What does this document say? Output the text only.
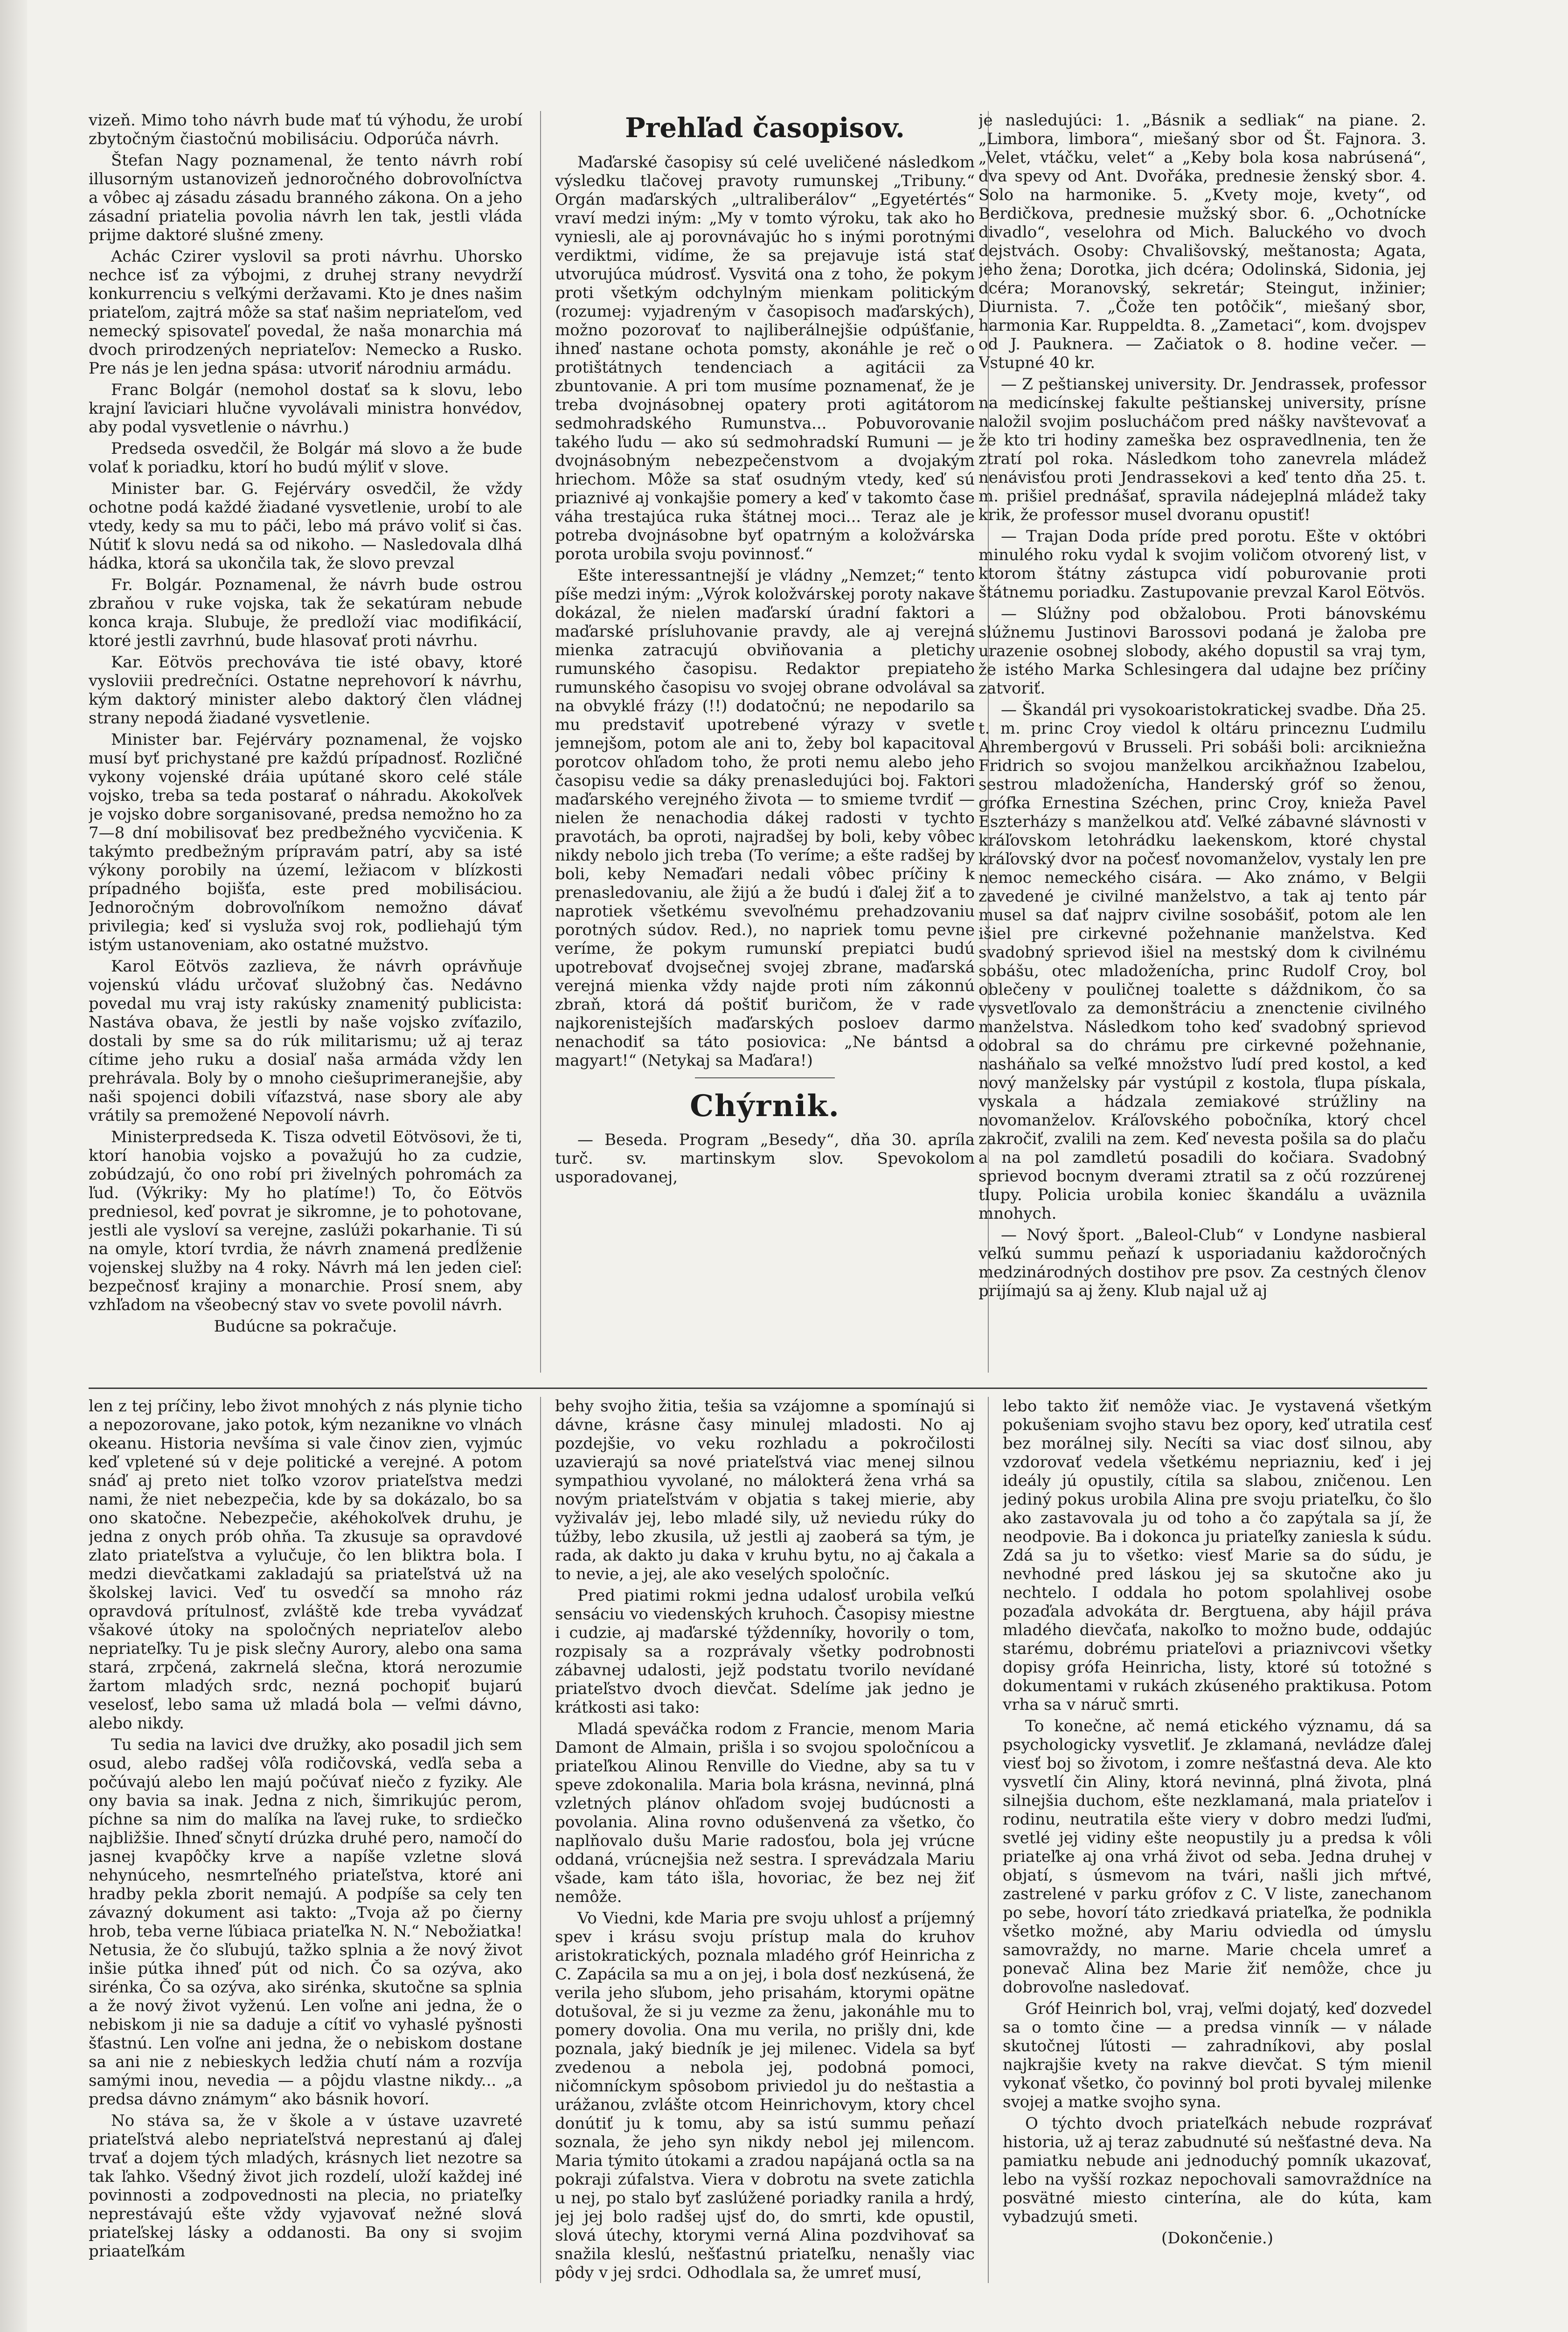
vizeň. Mimo toho návrh bude mať tú výhodu, že urobí zbytočným čiastočnú mobilisáciu. Odporúča návrh.

Štefan Nagy poznamenal, že tento návrh robí illusorným ustanovizeň jednoročného dobrovoľníctva a vôbec aj zásadu zásadu branného zákona. On a jeho zásadní priatelia povolia návrh len tak, jestli vláda prijme daktoré slušné zmeny.

Achác Czirer vyslovil sa proti návrhu. Uhorsko nechce isť za výbojmi, z druhej strany nevydrží konkurrenciu s veľkými deržavami. Kto je dnes našim priateľom, zajtrá môže sa stať našim nepriateľom, ved nemecký spisovateľ povedal, že naša monarchia má dvoch prirodzených nepriateľov: Nemecko a Rusko. Pre nás je len jedna spása: utvoriť národniu armádu.

Franc Bolgár (nemohol dostať sa k slovu, lebo krajní ľaviciari hlučne vyvolávali ministra honvédov, aby podal vysvetlenie o návrhu.)

Predseda osvedčil, že Bolgár má slovo a že bude volať k poriadku, ktorí ho budú mýliť v slove.

Minister bar. G. Fejérváry osvedčil, že vždy ochotne podá každé žiadané vysvetlenie, urobí to ale vtedy, kedy sa mu to páči, lebo má právo voliť si čas. Nútiť k slovu nedá sa od nikoho. — Nasledovala dlhá hádka, ktorá sa ukončila tak, že slovo prevzal

Fr. Bolgár. Poznamenal, že návrh bude ostrou zbraňou v ruke vojska, tak že sekatúram nebude konca kraja. Slubuje, že predloží viac modifikácií, ktoré jestli zavrhnú, bude hlasovať proti návrhu.

Kar. Eötvös prechováva tie isté obavy, ktoré vysloviii predrečníci. Ostatne neprehovorí k návrhu, kým daktorý minister alebo daktorý člen vládnej strany nepodá žiadané vysvetlenie.

Minister bar. Fejérváry poznamenal, že vojsko musí byť prichystané pre každú prípadnosť. Rozličné vykony vojenské dráia upútané skoro celé stále vojsko, treba sa teda postarať o náhradu. Akokoľvek je vojsko dobre sorganisované, predsa nemožno ho za 7—8 dní mobilisovať bez predbežného vycvičenia. K takýmto predbežným prípravám patrí, aby sa isté výkony porobily na území, ležiacom v blízkosti prípadného bojišťa, este pred mobilisáciou. Jednoročným dobrovoľníkom nemožno dávať privilegia; keď si vysluža svoj rok, podliehajú tým istým ustanoveniam, ako ostatné mužstvo.

Karol Eötvös zazlieva, že návrh oprávňuje vojenskú vládu určovať služobný čas. Nedávno povedal mu vraj isty rakúsky znamenitý publicista: Nastáva obava, že jestli by naše vojsko zvíťazilo, dostali by sme sa do rúk militarismu; už aj teraz cítime jeho ruku a dosiaľ naša armáda vždy len prehrávala. Boly by o mnoho ciešuprimeranejšie, aby naši spojenci dobili víťazstvá, nase sbory ale aby vrátily sa premožené Nepovolí návrh.

Ministerpredseda K. Tisza odvetil Eötvösovi, že ti, ktorí hanobia vojsko a považujú ho za cudzie, zobúdzajú, čo ono robí pri živelných pohromách za ľud. (Výkriky: My ho platíme!) To, čo Eötvös predniesol, keď povrat je sikromne, je to pohotovane, jestli ale vysloví sa verejne, zaslúži pokarhanie. Ti sú na omyle, ktorí tvrdia, že návrh znamená predĺženie vojenskej služby na 4 roky. Návrh má len jeden cieľ: bezpečnosť krajiny a monarchie. Prosí snem, aby vzhľadom na všeobecný stav vo svete povolil návrh.

Budúcne sa pokračuje.

Prehľad časopisov.

Maďarské časopisy sú celé uveličené následkom výsledku tlačovej pravoty rumunskej „Tribuny.“ Orgán maďarských „ultraliberálov“ „Egyetértés“ vraví medzi iným: „My v tomto výroku, tak ako ho vyniesli, ale aj porovnávajúc ho s inými porotnými verdiktmi, vidíme, že sa prejavuje istá stať utvorujúca múdrosť. Vysvitá ona z toho, že pokym proti všetkým odchylným mienkam politickým (rozumej: vyjadreným v časopisoch maďarských), možno pozorovať to najliberálnejšie odpúšťanie, ihneď nastane ochota pomsty, akonáhle je reč o protištátnych tendenciach a agitácii za zbuntovanie. A pri tom musíme poznamenať, že je treba dvojnásobnej opatery proti agitátorom sedmohradského Rumunstva... Pobuvorovanie takého ľudu — ako sú sedmohradskí Rumuni — je dvojnásobným nebezpečenstvom a dvojakým hriechom. Môže sa stať osudným vtedy, keď sú priaznivé aj vonkajšie pomery a keď v takomto čase váha trestajúca ruka štátnej moci... Teraz ale je potreba dvojnásobne byť opatrným a koložvárska porota urobila svoju povinnosť.“

Ešte interessantnejší je vládny „Nemzet;“ tento píše medzi iným: „Výrok koložvárskej poroty nakave dokázal, že nielen maďarskí úradní faktori a maďarské prísluhovanie pravdy, ale aj verejná mienka zatracujú obviňovania a pletichy rumunského časopisu. Redaktor prepiateho rumunského časopisu vo svojej obrane odvolával sa na obvyklé frázy (!!) dodatočnú; ne nepodarilo sa mu predstaviť upotrebené výrazy v svetle jemnejšom, potom ale ani to, žeby bol kapacitoval porotcov ohľadom toho, že proti nemu alebo jeho časopisu vedie sa dáky prenasledujúci boj. Faktori maďarského verejného života — to smieme tvrdiť — nielen že nenachodia dákej radosti v tychto pravotách, ba oproti, najradšej by boli, keby vôbec nikdy nebolo jich treba (To veríme; a ešte radšej by boli, keby Nemaďari nedali vôbec príčiny k prenasledovaniu, ale žijú a že budú i ďalej žiť a to naprotiek všetkému svevoľnému prehadzovaniu porotných súdov. Red.), no napriek tomu pevne veríme, že pokym rumunskí prepiatci budú upotrebovať dvojsečnej svojej zbrane, maďarská verejná mienka vždy najde proti ním zákonnú zbraň, ktorá dá poštiť buričom, že v rade najkorenistejších maďarských posloev darmo nenachodiť sa táto posiovica: „Ne bántsd a magyart!“ (Netykaj sa Maďara!)

Chýrnik.

— Beseda. Program „Besedy“, dňa 30. apríla turč. sv. martinskym slov. Spevokolom usporadovanej,

je nasledujúci: 1. „Básnik a sedliak“ na piane. 2. „Limbora, limbora“, miešaný sbor od Št. Fajnora. 3. „Velet, vtáčku, velet“ a „Keby bola kosa nabrúsená“, dva spevy od Ant. Dvořáka, prednesie ženský sbor. 4. Solo na harmonike. 5. „Kvety moje, kvety“, od Berdičkova, prednesie mužský sbor. 6. „Ochotnícke divadlo“, veselohra od Mich. Baluckého vo dvoch dejstvách. Osoby: Chvališovský, meštanosta; Agata, jeho žena; Dorotka, jich dcéra; Odolinská, Sidonia, jej dcéra; Moranovský, sekretár; Steingut, inžinier; Diurnista. 7. „Čože ten potôčik“, miešaný sbor, harmonia Kar. Ruppeldta. 8. „Zametaci“, kom. dvojspev od J. Pauknera. — Začiatok o 8. hodine večer. — Vstupné 40 kr.

— Z peštianskej university. Dr. Jendrassek, professor na medicínskej fakulte peštianskej university, prísne naložil svojim poslucháčom pred nášky navštevovať a že kto tri hodiny zameška bez ospravedlnenia, ten že ztratí pol roka. Následkom toho zanevrela mládež nenávisťou proti Jendrassekovi a keď tento dňa 25. t. m. prišiel prednášať, spravila nádejeplná mládež taky krik, že professor musel dvoranu opustiť!

— Trajan Doda príde pred porotu. Ešte v októbri minulého roku vydal k svojim voličom otvorený list, v ktorom štátny zástupca vidí poburovanie proti štátnemu poriadku. Zastupovanie prevzal Karol Eötvös.

— Slúžny pod obžalobou. Proti bánovskému slúžnemu Justinovi Barossovi podaná je žaloba pre urazenie osobnej slobody, akého dopustil sa vraj tym, že istého Marka Schlesingera dal udajne bez príčiny zatvoriť.

— Škandál pri vysokoaristokratickej svadbe. Dňa 25. t. m. princ Croy viedol k oltáru princeznu Ľudmilu Ahrembergovú v Brusseli. Pri sobáši boli: arcikniežna Fridrich so svojou manželkou arcikňažnou Izabelou, sestrou mladoženícha, Handerský gróf so ženou, grófka Ernestina Széchen, princ Croy, knieža Pavel Eszterházy s manželkou atď. Veľké zábavné slávnosti v kráľovskom letohrádku laekenskom, ktoré chystal kráľovský dvor na počesť novomanželov, vystaly len pre nemoc nemeckého cisára. — Ako známo, v Belgii zavedené je civilné manželstvo, a tak aj tento pár musel sa dať najprv civilne sosobášiť, potom ale len išiel pre cirkevné požehnanie manželstva. Keď svadobný sprievod išiel na mestský dom k civilnému sobášu, otec mladoženícha, princ Rudolf Croy, bol oblečeny v pouličnej toalette s dáždnikom, čo sa vysvetľovalo za demonštráciu a znenctenie civilného manželstva. Následkom toho keď svadobný sprievod odobral sa do chrámu pre cirkevné požehnanie, nasháňalo sa veľké množstvo ľudí pred kostol, a keď nový manželsky pár vystúpil z kostola, ťlupa pískala, vyskala a hádzala zemiakové strúžliny na novomanželov. Kráľovského pobočníka, ktorý chcel zakročiť, zvalili na zem. Keď nevesta pošila sa do plaču a na pol zamdletú posadili do kočiara. Svadobný sprievod bocnym dverami ztratil sa z očú rozzúrenej tlupy. Policia urobila koniec škandálu a uväznila mnohych.

— Nový šport. „Baleol-Club“ v Londyne nasbieral veľkú summu peňazí k usporiadaniu každoročných medzinárodných dostihov pre psov. Za cestných členov prijímajú sa aj ženy. Klub najal už aj

len z tej príčiny, lebo život mnohých z nás plynie ticho a nepozorovane, jako potok, kým nezanikne vo vlnách okeanu. Historia nevšíma si vale činov zien, vyjmúc keď vpletené sú v deje politické a verejné. A potom snáď aj preto niet toľko vzorov priateľstva medzi nami, že niet nebezpečia, kde by sa dokázalo, bo sa ono skatočne. Nebezpečie, akéhokoľvek druhu, je jedna z onych prób ohňa. Ta zkusuje sa opravdové zlato priateľstva a vylučuje, čo len bliktra bola. I medzi dievčatkami zakladajú sa priateľstvá už na školskej lavici. Veď tu osvedčí sa mnoho ráz opravdová prítulnosť, zvláště kde treba vyvádzať všakové útoky na spoločných nepriateľov alebo nepriateľky. Tu je pisk slečny Aurory, alebo ona sama stará, zrpčená, zakrnelá slečna, ktorá nerozumie žartom mladých srdc, nezná pochopiť bujarú veselosť, lebo sama už mladá bola — veľmi dávno, alebo nikdy.

Tu sedia na lavici dve družky, ako posadil jich sem osud, alebo radšej vôľa rodičovská, vedľa seba a počúvajú alebo len majú počúvať niečo z fyziky. Ale ony bavia sa inak. Jedna z nich, šimrikujúc perom, píchne sa nim do malíka na ľavej ruke, to srdiečko najbližšie. Ihneď sčnytí drúzka druhé pero, namočí do jasnej kvapôčky krve a napíše vzletne slová nehynúceho, nesmrteľného priateľstva, ktoré ani hradby pekla zborit nemajú. A podpíše sa cely ten závazný dokument asi takto: „Tvoja až po čierny hrob, teba verne ľúbiaca priateľka N. N.“ Nebožiatka! Netusia, že čo sľubujú, tažko splnia a že nový život inšie pútka ihneď pút od nich. Čo sa ozýva, ako sirénka, Čo sa ozýva, ako sirénka, skutočne sa splnia a že nový život vyženú. Len voľne ani jedna, že o nebiskom ji nie sa daduje a cítiť vo vyhaslé pyšnosti šťastnú. Len voľne ani jedna, že o nebiskom dostane sa ani nie z nebieskych ledžia chutí nám a rozvíja samými inou, nevedia — a pôjdu vlastne nikdy... „a predsa dávno známym“ ako básnik hovorí.

No stáva sa, že v škole a v ústave uzavreté priateľstvá alebo nepriateľstvá neprestanú aj ďalej trvať a dojem tých mladých, krásnych liet nezotre sa tak ľahko. Všedný život jich rozdelí, uloží každej iné povinnosti a zodpovednosti na plecia, no priateľky neprestávajú ešte vždy vyjavovať nežné slová priateľskej lásky a oddanosti. Ba ony si svojim priaateľkám

behy svojho žitia, tešia sa vzájomne a spomínajú si dávne, krásne časy minulej mladosti. No aj pozdejšie, vo veku rozhladu a pokročilosti uzavierajú sa nové priateľstvá viac menej silnou sympathiou vyvolané, no málokterá žena vrhá sa novým priateľstvám v objatia s takej mierie, aby vyživaláv jej, lebo mladé sily, už neviedu rúky do túžby, lebo zkusila, už jestli aj zaoberá sa tým, je rada, ak dakto ju daka v kruhu bytu, no aj čakala a to nevie, a jej, ale ako veselých spoločníc.

Pred piatimi rokmi jedna udalosť urobila veľkú sensáciu vo viedenských kruhoch. Časopisy miestne i cudzie, aj maďarské týždenníky, hovorily o tom, rozpisaly sa a rozprávaly všetky podrobnosti zábavnej udalosti, jejž podstatu tvorilo nevídané priateľstvo dvoch dievčat. Sdelíme jak jedno je krátkosti asi tako:

Mladá speváčka rodom z Francie, menom Maria Damont de Almain, prišla i so svojou spoločnícou a priateľkou Alinou Renville do Viedne, aby sa tu v speve zdokonalila. Maria bola krásna, nevinná, plná vzletných plánov ohľadom svojej budúcnosti a povolania. Alina rovno odušenvená za všetko, čo naplňovalo dušu Marie radosťou, bola jej vrúcne oddaná, vrúcnejšia než sestra. I sprevádzala Mariu všade, kam táto išla, hovoriac, že bez nej žiť nemôže.

Vo Viedni, kde Maria pre svoju uhlosť a príjemný spev i krásu svoju prístup mala do kruhov aristokratických, poznala mladého gróf Heinricha z C. Zapácila sa mu a on jej, i bola dosť nezkúsená, že verila jeho sľubom, jeho prisahám, ktorymi opätne dotušoval, že si ju vezme za ženu, jakonáhle mu to pomery dovolia. Ona mu verila, no prišly dni, kde poznala, jaký biedník je jej milenec. Videla sa byť zvedenou a nebola jej, podobná pomoci, ničomníckym spôsobom priviedol ju do neštastia a urážanou, zvlášte otcom Heinrichovym, ktory chcel donútiť ju k tomu, aby sa istú summu peňazí soznala, že jeho syn nikdy nebol jej milencom. Maria týmito útokami a zradou napájaná octla sa na pokraji zúfalstva. Viera v dobrotu na svete zatichla u nej, po stalo byť zaslúžené poriadky ranila a hrdý, jej jej bolo radšej ujsť do, do smrti, kde opustil, slová útechy, ktorymi verná Alina pozdvihovať sa snažila kleslú, nešťastnú priateľku, nenašly viac pôdy v jej srdci. Odhodlala sa, že umreť musí,

lebo takto žiť nemôže viac. Je vystavená všetkým pokušeniam svojho stavu bez opory, keď utratila cesť bez morálnej sily. Necíti sa viac dosť silnou, aby vzdorovať vedela všetkému nepriazniu, keď i jej ideály jú opustily, cítila sa slabou, zničenou. Len jediný pokus urobila Alina pre svoju priateľku, čo šlo ako zastavovala ju od toho a čo zapýtala sa jí, že neodpovie. Ba i dokonca ju priateľky zaniesla k súdu. Zdá sa ju to všetko: viesť Marie sa do súdu, je nevhodné pred láskou jej sa skutočne ako ju nechtelo. I oddala ho potom spolahlivej osobe pozaďala advokáta dr. Bergtuena, aby hájil práva mladého dievčaťa, nakoľko to možno bude, oddajúc starému, dobrému priateľovi a priaznivcovi všetky dopisy grófa Heinricha, listy, ktoré sú totožné s dokumentami v rukách zkúseného praktikusa. Potom vrha sa v náruč smrti.

To konečne, ač nemá etického významu, dá sa psychologicky vysvetliť. Je zklamaná, nevládze ďalej viesť boj so životom, i zomre nešťastná deva. Ale kto vysvetlí čin Aliny, ktorá nevinná, plná života, plná silnejšia duchom, ešte nezklamaná, mala priateľov i rodinu, neutratila ešte viery v dobro medzi ľuďmi, svetlé jej vidiny ešte neopustily ju a predsa k vôli priateľke aj ona vrhá život od seba. Jedna druhej v objatí, s úsmevom na tvári, našli jich mŕtvé, zastrelené v parku grófov z C. V liste, zanechanom po sebe, hovorí táto zriedkavá priateľka, že podnikla všetko možné, aby Mariu odviedla od úmyslu samovraždy, no marne. Marie chcela umreť a ponevač Alina bez Marie žiť nemôže, chce ju dobrovoľne nasledovať.

Gróf Heinrich bol, vraj, veľmi dojatý, keď dozvedel sa o tomto čine — a predsa vinník — v nálade skutočnej ľútosti — zahradníkovi, aby poslal najkrajšie kvety na rakve dievčat. S tým mienil vykonať všetko, čo povinný bol proti byvalej milenke svojej a matke svojho syna.

O týchto dvoch priateľkách nebude rozprávať historia, už aj teraz zabudnuté sú nešťastné deva. Na pamiatku nebude ani jednoduchý pomník ukazovať, lebo na vyšší rozkaz nepochovali samovraždníce na posvätné miesto cinterína, ale do kúta, kam vybadzujú smeti.

(Dokončenie.)
